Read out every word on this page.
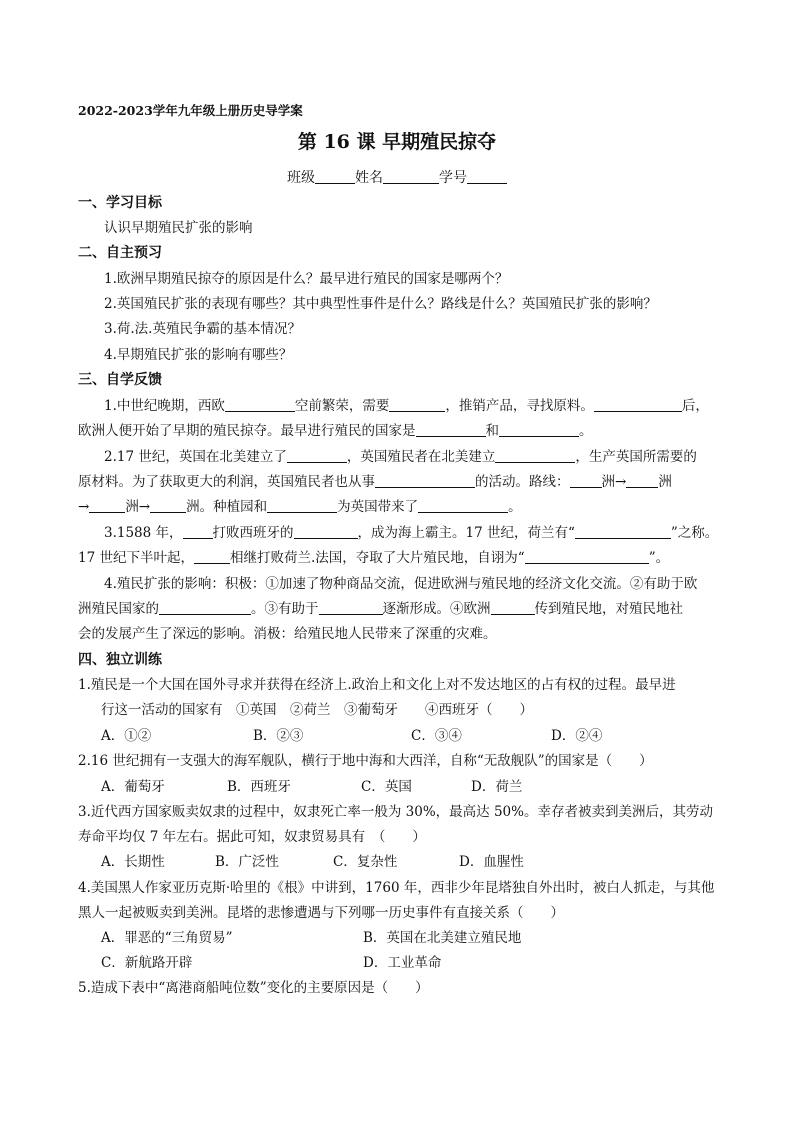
2022-2023学年九年级上册历史导学案
第 16 课 早期殖民掠夺
班级	姓名	学号
一、学习目标
认识早期殖民扩张的影响
二、自主预习
1.欧洲早期殖民掠夺的原因是什么？最早进行殖民的国家是哪两个？
2.英国殖民扩张的表现有哪些？其中典型性事件是什么？路线是什么？英国殖民扩张的影响？
3.荷.法.英殖民争霸的基本情况？
4.早期殖民扩张的影响有哪些？
三、自学反馈
1.中世纪晚期，西欧	空前繁荣，需要	，推销产品，寻找原料。	后，
欧洲人便开始了早期的殖民掠夺。最早进行殖民的国家是	和	。
2.17 世纪，英国在北美建立了	，英国殖民者在北美建立	，生产英国所需要的
原材料。为了获取更大的利润，英国殖民者也从事	的活动。路线： 洲→ 洲
→	洲→	洲。种植园和	为英国带来了	。
3.1588 年， 打败西班牙的	，成为海上霸主。17 世纪，荷兰有“	”之称。
17 世纪下半叶起，	相继打败荷兰.法国，夺取了大片殖民地，自诩为“	”。
4.殖民扩张的影响：积极：①加速了物种商品交流，促进欧洲与殖民地的经济文化交流。②有助于欧
洲殖民国家的	。③有助于	逐渐形成。④欧洲	传到殖民地，对殖民地社
会的发展产生了深远的影响。消极：给殖民地人民带来了深重的灾难。
四、独立训练
1.殖民是一个大国在国外寻求并获得在经济上.政治上和文化上对不发达地区的占有权的过程。最早进
行这一活动的国家有　①英国　②荷兰　③葡萄牙　　④西班牙（　　）
A．①②	B．②③	C．③④	D．②④
2.16 世纪拥有一支强大的海军舰队，横行于地中海和大西洋，自称“无敌舰队”的国家是（　　）
A．葡萄牙	B．西班牙	C．英国	D．荷兰
3.近代西方国家贩卖奴隶的过程中，奴隶死亡率一般为 30%，最高达 50%。幸存者被卖到美洲后，其劳动
寿命平均仅 7 年左右。据此可知，奴隶贸易具有　（　　）
A．长期性	B．广泛性	C．复杂性	D．血腥性
4.美国黑人作家亚历克斯·哈里的《根》中讲到，1760 年，西非少年昆塔独自外出时，被白人抓走，与其他
黑人一起被贩卖到美洲。昆塔的悲惨遭遇与下列哪一历史事件有直接关系（　　）
A．罪恶的“三角贸易”	B．英国在北美建立殖民地
C．新航路开辟	D．工业革命
5.造成下表中“离港商船吨位数”变化的主要原因是（　　）
